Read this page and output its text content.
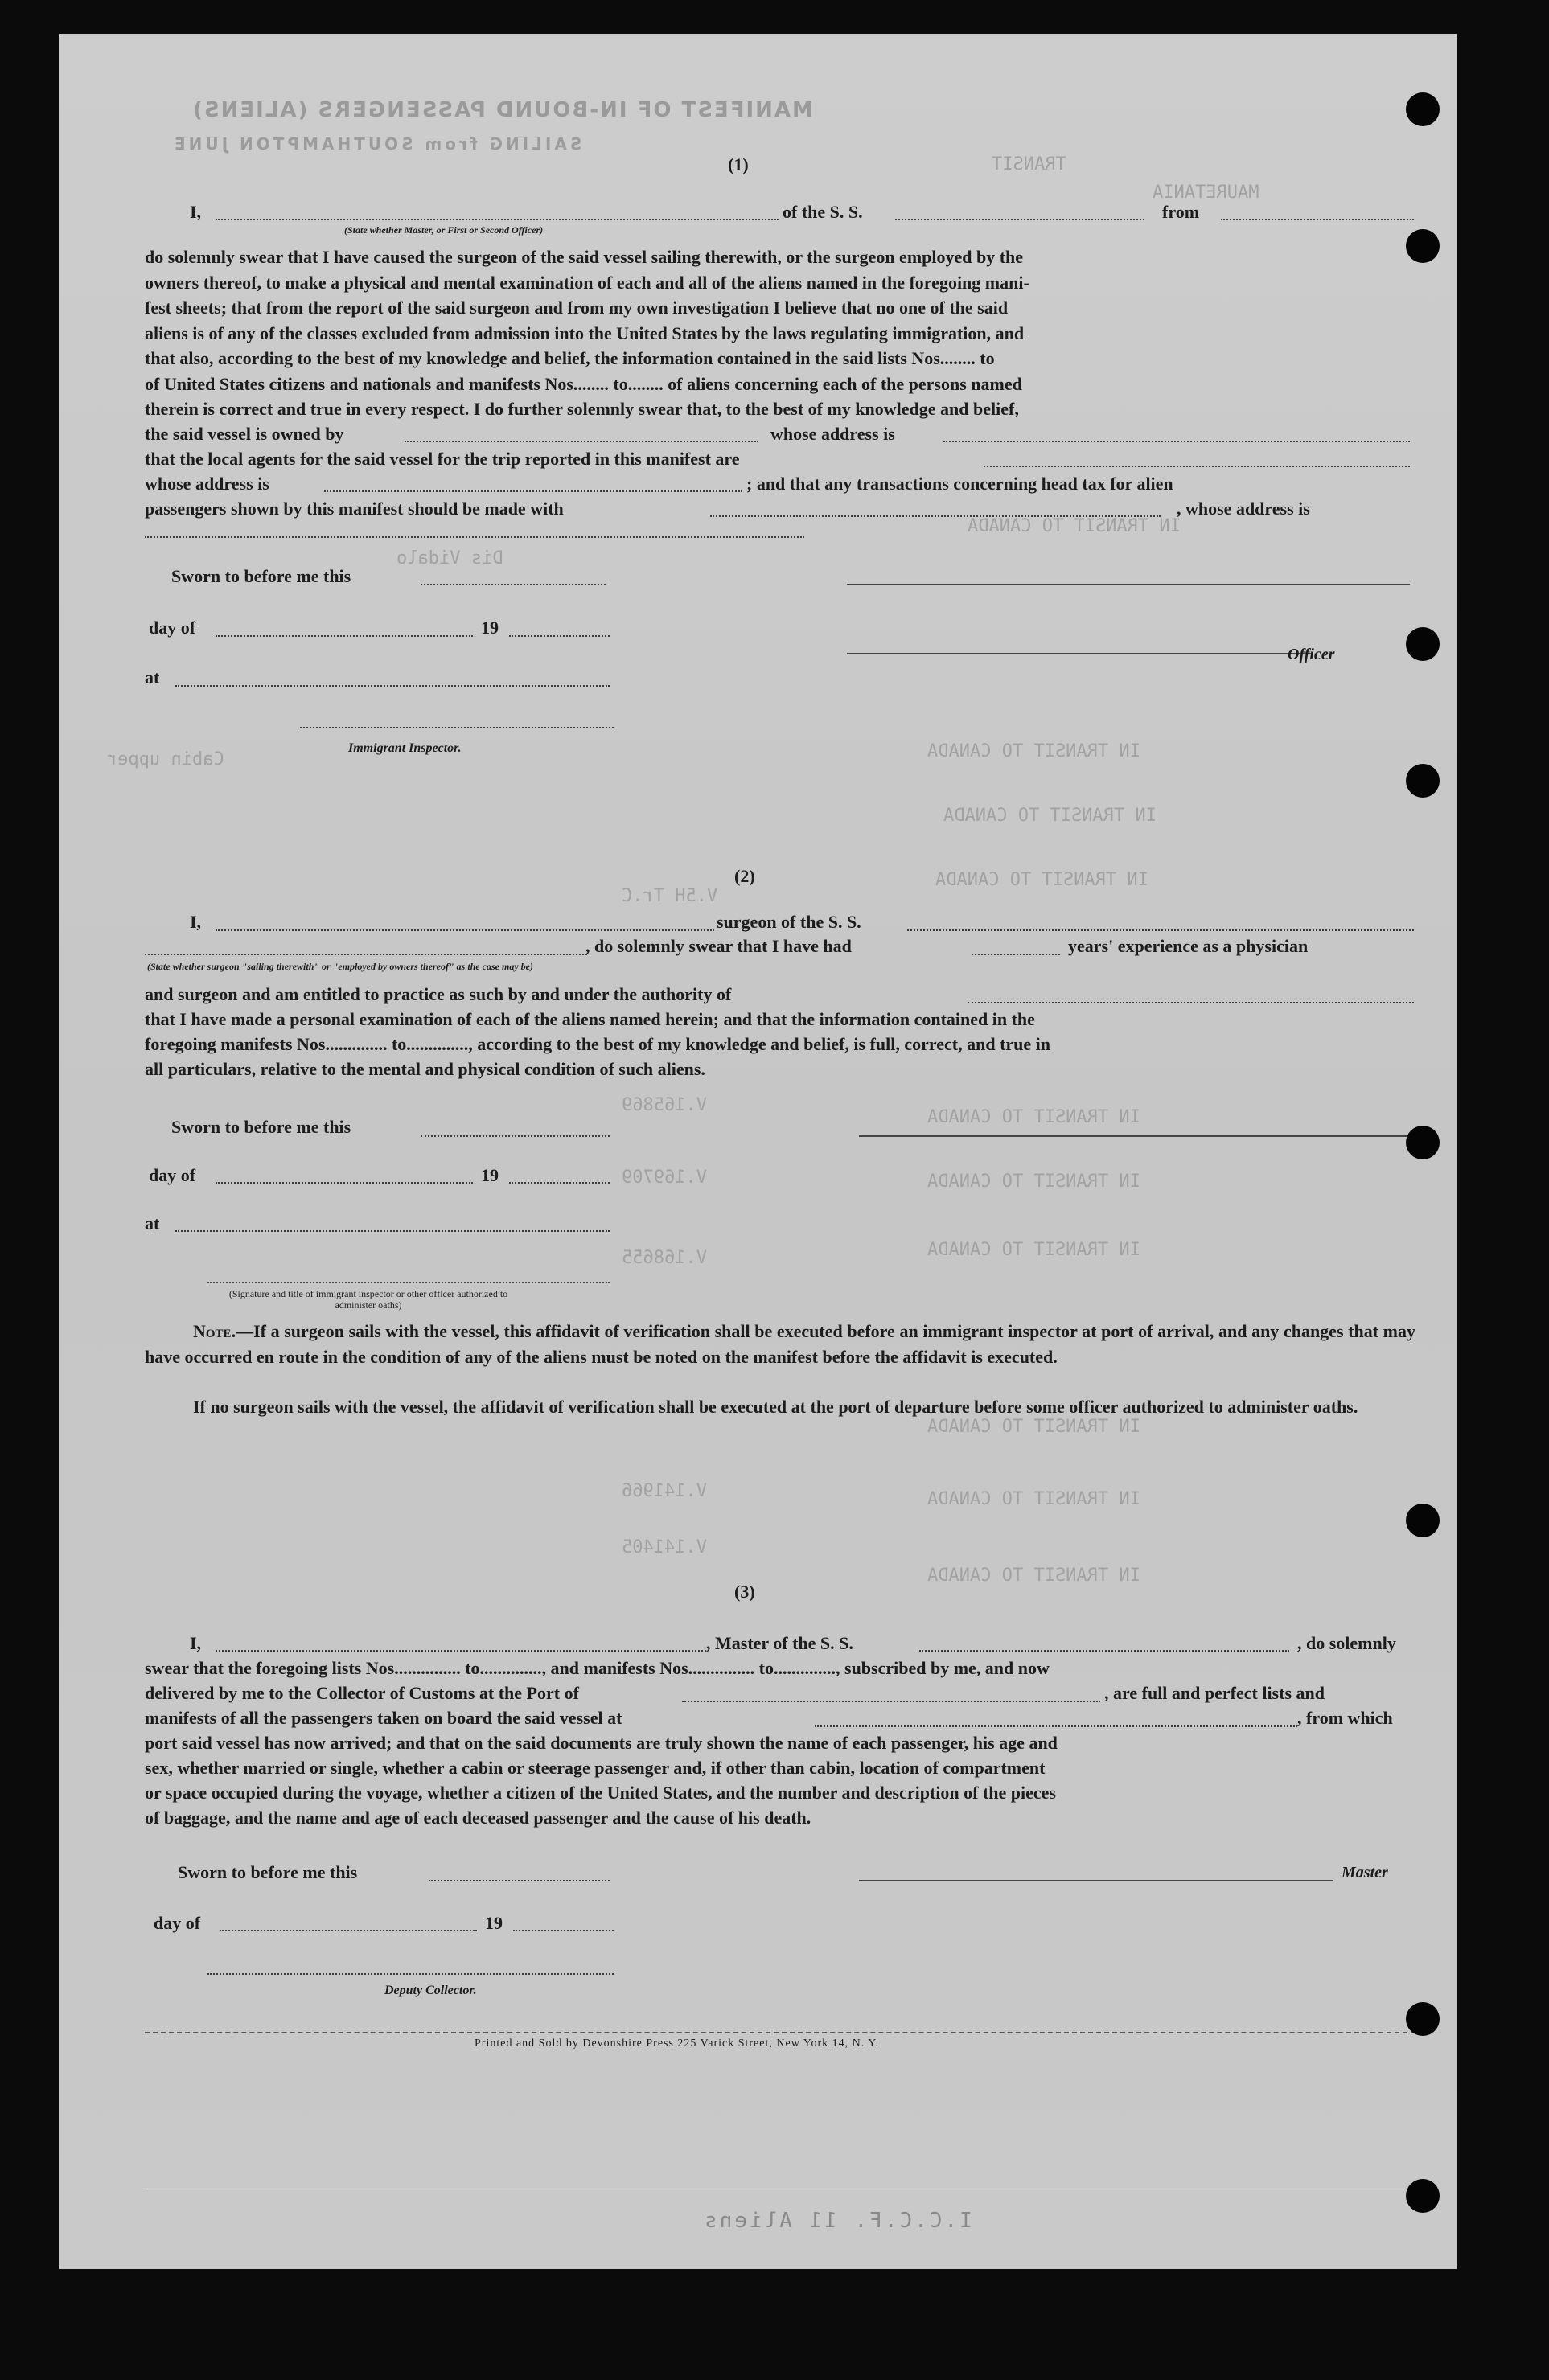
MANIFEST OF IN-BOUND PASSENGERS (ALIENS)
SAILING from SOUTHAMPTON JUNE
TRANSIT
MAURETANIA
(1)
I,	of the S. S.	from
(State whether Master, or First or Second Officer)
do solemnly swear that I have caused the surgeon of the said vessel sailing therewith, or the surgeon employed by the
owners thereof, to make a physical and mental examination of each and all of the aliens named in the foregoing mani-
fest sheets; that from the report of the said surgeon and from my own investigation I believe that no one of the said
aliens is of any of the classes excluded from admission into the United States by the laws regulating immigration, and
that also, according to the best of my knowledge and belief, the information contained in the said lists Nos........ to
of United States citizens and nationals and manifests Nos........ to........ of aliens concerning each of the persons named
therein is correct and true in every respect. I do further solemnly swear that, to the best of my knowledge and belief,
the said vessel is owned by	whose address is
that the local agents for the said vessel for the trip reported in this manifest are
whose address is	; and that any transactions concerning head tax for alien
passengers shown by this manifest should be made with	, whose address is
Sworn to before me this
day of	19
Officer
at
Immigrant Inspector.
IN TRANSIT TO CANADA
IN TRANSIT TO CANADA
IN TRANSIT TO CANADA
IN TRANSIT TO CANADA
Cabin upper
Dis Vidalo
V.5H Tr.C
(2)
I,	surgeon of the S. S.
, do solemnly swear that I have had	years' experience as a physician
(State whether surgeon "sailing therewith" or "employed by owners thereof" as the case may be)
and surgeon and am entitled to practice as such by and under the authority of
that I have made a personal examination of each of the aliens named herein; and that the information contained in the
foregoing manifests Nos.............. to.............., according to the best of my knowledge and belief, is full, correct, and true in
all particulars, relative to the mental and physical condition of such aliens.
Sworn to before me this
day of	19
at
(Signature and title of immigrant inspector or other officer authorized to administer oaths)
IN TRANSIT TO CANADA
IN TRANSIT TO CANADA
IN TRANSIT TO CANADA
V.165869
V.169709
V.168655
Note.—If a surgeon sails with the vessel, this affidavit of verification shall be executed before an immigrant inspector at port of arrival, and any changes that may have occurred en route in the condition of any of the aliens must be noted on the manifest before the affidavit is executed.
If no surgeon sails with the vessel, the affidavit of verification shall be executed at the port of departure before some officer authorized to administer oaths.
IN TRANSIT TO CANADA
IN TRANSIT TO CANADA
IN TRANSIT TO CANADA
V.141966
V.141405
(3)
I,	, Master of the S. S.	, do solemnly
swear that the foregoing lists Nos............... to.............., and manifests Nos............... to.............., subscribed by me, and now
delivered by me to the Collector of Customs at the Port of	, are full and perfect lists and
manifests of all the passengers taken on board the said vessel at	, from which
port said vessel has now arrived; and that on the said documents are truly shown the name of each passenger, his age and
sex, whether married or single, whether a cabin or steerage passenger and, if other than cabin, location of compartment
or space occupied during the voyage, whether a citizen of the United States, and the number and description of the pieces
of baggage, and the name and age of each deceased passenger and the cause of his death.
Sworn to before me this	Master
day of	19
Deputy Collector.
Printed and Sold by Devonshire Press 225 Varick Street, New York 14, N. Y.
I.C.C.F. 11 Aliens
